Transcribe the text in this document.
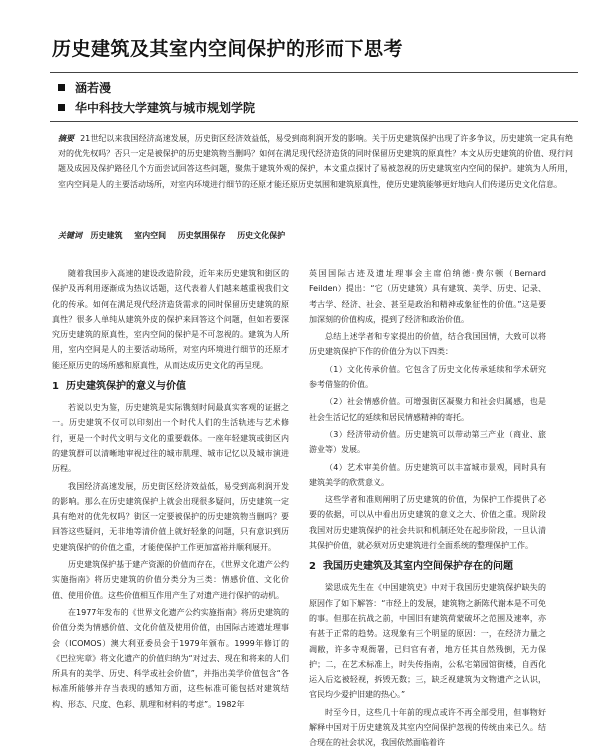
历史建筑及其室内空间保护的形而下思考
涵若漫
华中科技大学建筑与城市规划学院
摘要 21世纪以来我国经济高速发展，历史街区经济效益低，易受到商利润开发的影响。关于历史建筑保护出现了许多争议，历史建筑一定具有绝对的优先权吗？否只一定是被保护的历史建筑物当删吗？如何在满足现代经济造货的同时保留历史建筑的原真性？本文从历史建筑的价值、现行问题及成因及保护路径几个方面尝试回答这些问题，聚焦于建筑外观的保护，本文重点探讨了易被忽视的历史建筑室内空间的保护。建筑为人所用，室内空间是人的主要活动场所，对室内环境进行细节的还原才能还原历史氛围和建筑原真性，使历史建筑能够更好地向人们传递历史文化信息。
关键词 历史建筑 室内空间 历史氛围保存 历史文化保护

随着我国步入高速的建设改造阶段，近年来历史建筑和街区的保护及再利用逐渐成为热议话题，这代表着人们越来越重视我们文化的传承。如何在满足现代经济造货需求的同时保留历史建筑的原真性？很多人单纯从建筑外皮的保护来回答这个问题，但如若要深究历史建筑的原真性，室内空间的保护是不可忽视的。建筑为人所用，室内空间是人的主要活动场所，对室内环境进行细节的还原才能还原历史的场所感和原真性，从而达成历史文化的再呈现。

1 历史建筑保护的意义与价值

若说以史为鉴，历史建筑是实际镌刻时间最真实客观的证据之一。历史建筑不仅可以印刻出一个时代人们的生活轨迹与艺术修行，更是一个时代文明与文化的重要载体。一座年轻建筑或街区内的建筑群可以清晰地审视过往的城市肌理、城市记忆以及城市演进历程。

我国经济高速发展，历史街区经济效益低，易受到高利润开发的影响。那么在历史建筑保护上就会出现很多疑问，历史建筑一定具有绝对的优先权吗？街区一定要被保护的历史建筑物当删吗？要回答这些疑问，无非地等清价值上就好轻象的问题，只有意识到历史建筑保护的价值之重，才能使保护工作更加富裕并顺利展开。

历史建筑保护基于建产资源的价值而存在，《世界文化遗产公约实施指南》将历史建筑的价值分类分为三类：情感价值、文化价值、使用价值。这些价值相互作用产生了对遗产进行保护的动机。

在1977年发布的《世界文化遗产公约实施指南》将历史建筑的价值分类为情感价值、文化价值及使用价值，由国际古迹遗址理事会（ICOMOS）澳大利亚委员会于1979年颁布。1999年修订的《巴拉宪章》将文化遗产的价值归纳为“对过去、现在和将来的人们所具有的美学、历史、科学或社会价值”，并指出美学价值包含“各标准所能够并存当表现的感知方面，这些标准可能包括对建筑结构、形态、尺度、色彩、肌理和材料的考虑”。1982年

英国国际古迹及遗址理事会主席伯纳德·费尔顿（Bernard Feilden）提出：“它（历史建筑）具有建筑、美学、历史、记录、考古学、经济、社会、甚至是政治和精神或象征性的价值。”这是要加深刻的价值构成，提到了经济和政治价值。

总结上述学者和专家提出的价值，结合我国国情，大致可以将历史建筑保护下作的价值分为以下四类：

（1）文化传承价值。它包含了历史文化传承延续和学术研究参考借鉴的价值。

（2）社会情感价值。可增强街区凝聚力和社会归属感，也是社会生活记忆的延续和居民情感精神的寄托。

（3）经济带动价值。历史建筑可以带动第三产业（商业、旅游业等）发展。

（4）艺术审美价值。历史建筑可以丰富城市景观，同时具有建筑美学的欣赏意义。

这些学者和准则阐明了历史建筑的价值，为保护工作提供了必要的依据，可以从中看出历史建筑的意义之大、价值之重。现阶段我国对历史建筑保护的社会共识和机制还处在起步阶段，一旦认清其保护价值，就必须对历史建筑进行全面系统的整理保护工作。

2 我国历史建筑及其室内空间保护存在的问题

梁思成先生在《中国建筑史》中对于我国历史建筑保护缺失的原因作了如下解答：“市经上的发展，建筑物之新陈代谢本是不可免的事。但那在抗战之前，中国旧有建筑荷蒙破坏之范围及速率，亦有甚于正常的趋势。这现象有三个明显的原因：一，在经济力量之凋敝，许多寺观衙署，已归官有者，地方任其自然残倒，无力保护；二，在艺术标准上，时失传指南，公私宅第园馆街楼，自西化运入后迄被轻视，拆毁无数；三，缺乏视建筑为文物遗产之认识，官民均少爱护旧建的热心。”

时至今日，这些几十年前的现点或许不再全部受用，但事物好解释中国对于历史建筑及其室内空间保护忽视的传统由来已久。结合现在的社会状况，我国依然面临着许
